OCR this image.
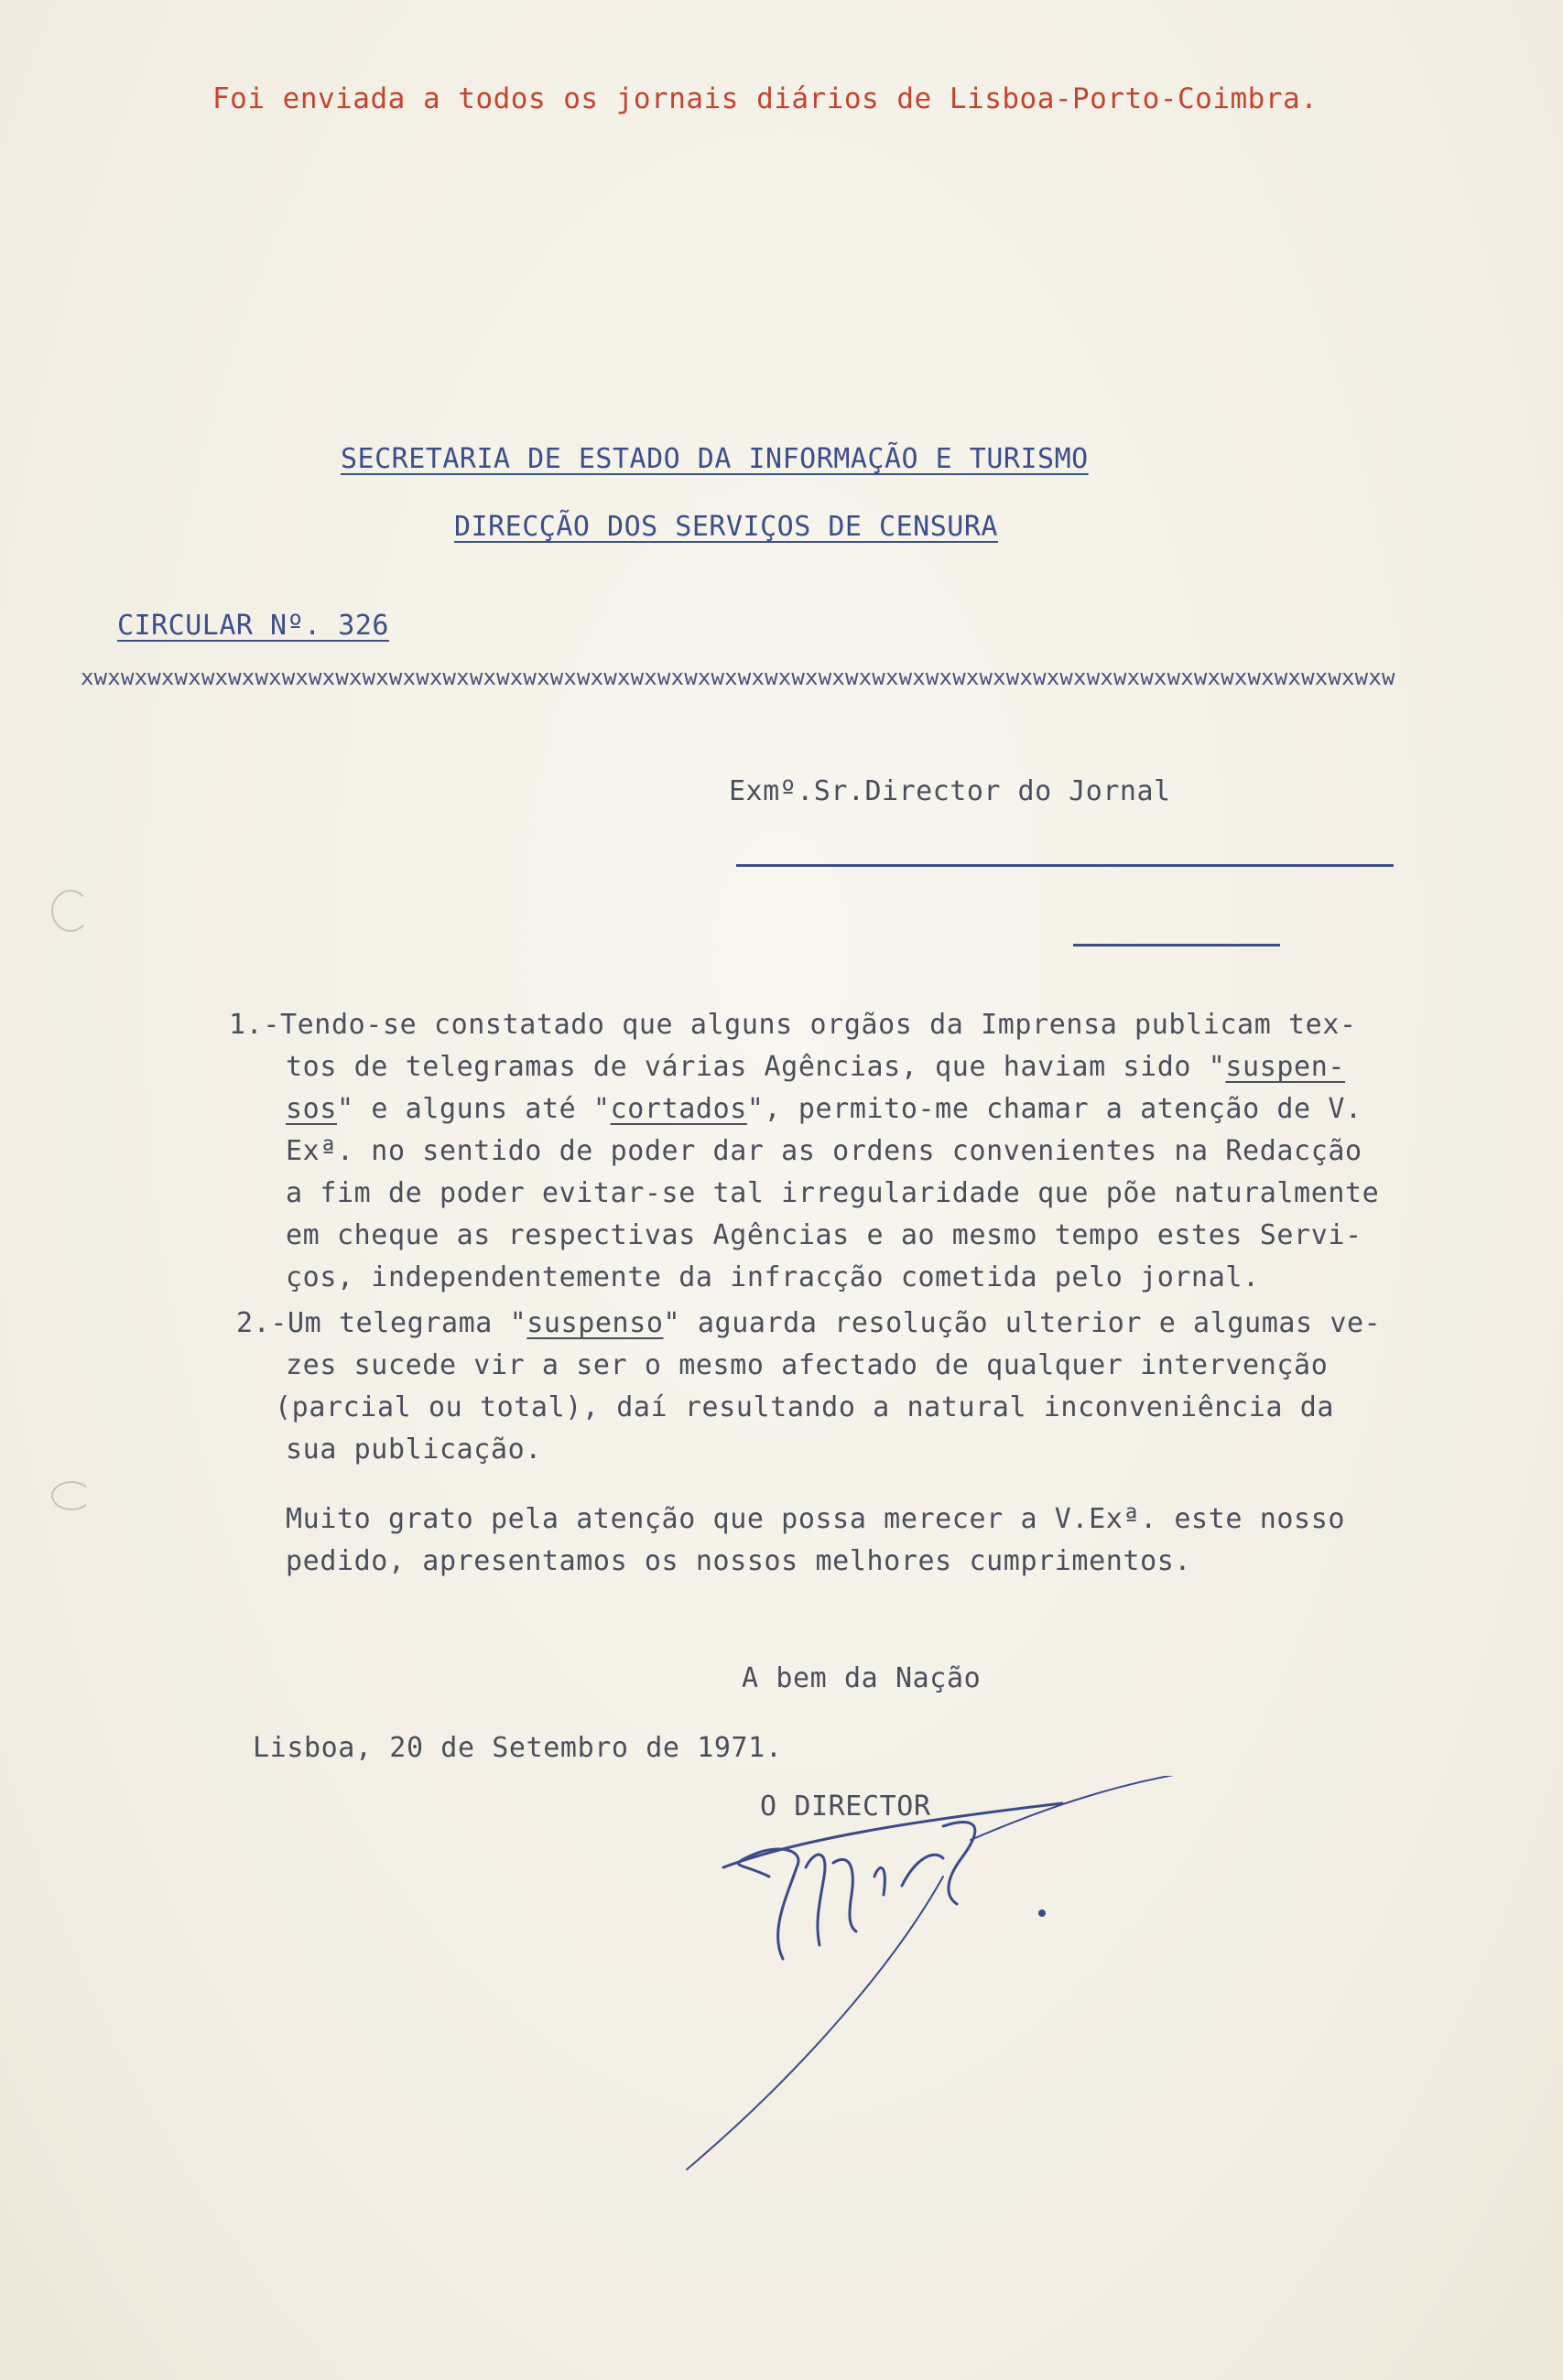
Foi enviada a todos os jornais diários de Lisboa-Porto-Coimbra.
SECRETARIA DE ESTADO DA INFORMAÇÃO E TURISMO
DIRECÇÃO DOS SERVIÇOS DE CENSURA
CIRCULAR Nº. 326
xwxwxwxwxwxwxwxwxwxwxwxwxwxwxwxwxwxwxwxwxwxwxwxwxwxwxwxwxwxwxwxwxwxwxwxwxwxwxwxwxwxwxwxwxwxwxwxwxw
Exmº.Sr.Director do Jornal
1.-Tendo-se constatado que alguns orgãos da Imprensa publicam tex-
tos de telegramas de várias Agências, que haviam sido "suspen-
sos" e alguns até "cortados", permito-me chamar a atenção de V.
Exª. no sentido de poder dar as ordens convenientes na Redacção
a fim de poder evitar-se tal irregularidade que põe naturalmente
em cheque as respectivas Agências e ao mesmo tempo estes Servi-
ços, independentemente da infracção cometida pelo jornal.
2.-Um telegrama "suspenso" aguarda resolução ulterior e algumas ve-
zes sucede vir a ser o mesmo afectado de qualquer intervenção
(parcial ou total), daí resultando a natural inconveniência da
sua publicação.
Muito grato pela atenção que possa merecer a V.Exª. este nosso
pedido, apresentamos os nossos melhores cumprimentos.
A bem da Nação
Lisboa, 20 de Setembro de 1971.
O DIRECTOR
